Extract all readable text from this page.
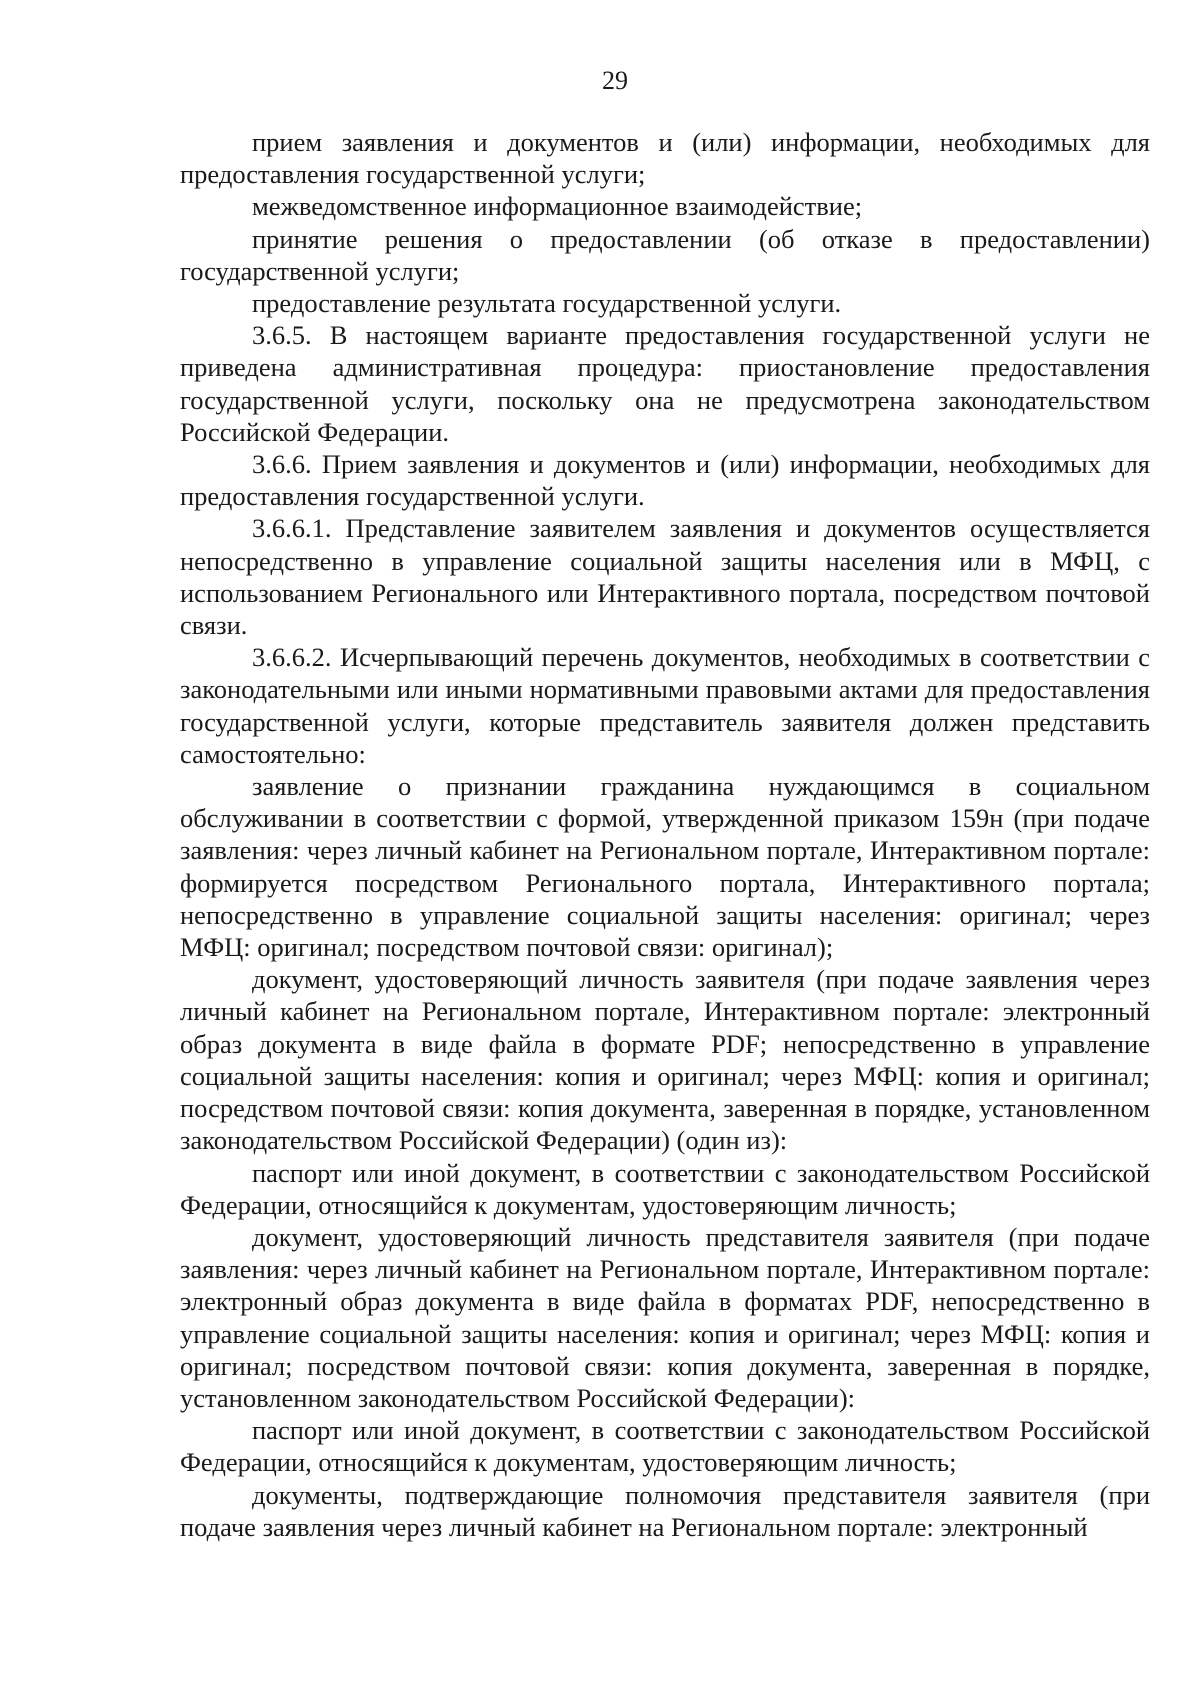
29

прием заявления и документов и (или) информации, необходимых для предоставления государственной услуги;

межведомственное информационное взаимодействие;

принятие решения о предоставлении (об отказе в предоставлении) государственной услуги;

предоставление результата государственной услуги.

3.6.5. В настоящем варианте предоставления государственной услуги не приведена административная процедура: приостановление предоставления государственной услуги, поскольку она не предусмотрена законодательством Российской Федерации.

3.6.6. Прием заявления и документов и (или) информации, необходимых для предоставления государственной услуги.

3.6.6.1. Представление заявителем заявления и документов осуществляется непосредственно в управление социальной защиты населения или в МФЦ, с использованием Регионального или Интерактивного портала, посредством почтовой связи.

3.6.6.2. Исчерпывающий перечень документов, необходимых в соответствии с законодательными или иными нормативными правовыми актами для предоставления государственной услуги, которые представитель заявителя должен представить самостоятельно:

заявление о признании гражданина нуждающимся в социальном обслуживании в соответствии с формой, утвержденной приказом 159н (при подаче заявления: через личный кабинет на Региональном портале, Интерактивном портале: формируется посредством Регионального портала, Интерактивного портала; непосредственно в управление социальной защиты населения: оригинал; через МФЦ: оригинал; посредством почтовой связи: оригинал);

документ, удостоверяющий личность заявителя (при подаче заявления через личный кабинет на Региональном портале, Интерактивном портале: электронный образ документа в виде файла в формате PDF; непосредственно в управление социальной защиты населения: копия и оригинал; через МФЦ: копия и оригинал; посредством почтовой связи: копия документа, заверенная в порядке, установленном законодательством Российской Федерации) (один из):

паспорт или иной документ, в соответствии с законодательством Российской Федерации, относящийся к документам, удостоверяющим личность;

документ, удостоверяющий личность представителя заявителя (при подаче заявления: через личный кабинет на Региональном портале, Интерактивном портале: электронный образ документа в виде файла в форматах PDF, непосредственно в управление социальной защиты населения: копия и оригинал; через МФЦ: копия и оригинал; посредством почтовой связи: копия документа, заверенная в порядке, установленном законодательством Российской Федерации):

паспорт или иной документ, в соответствии с законодательством Российской Федерации, относящийся к документам, удостоверяющим личность;

документы, подтверждающие полномочия представителя заявителя (при подаче заявления через личный кабинет на Региональном портале: электронный
